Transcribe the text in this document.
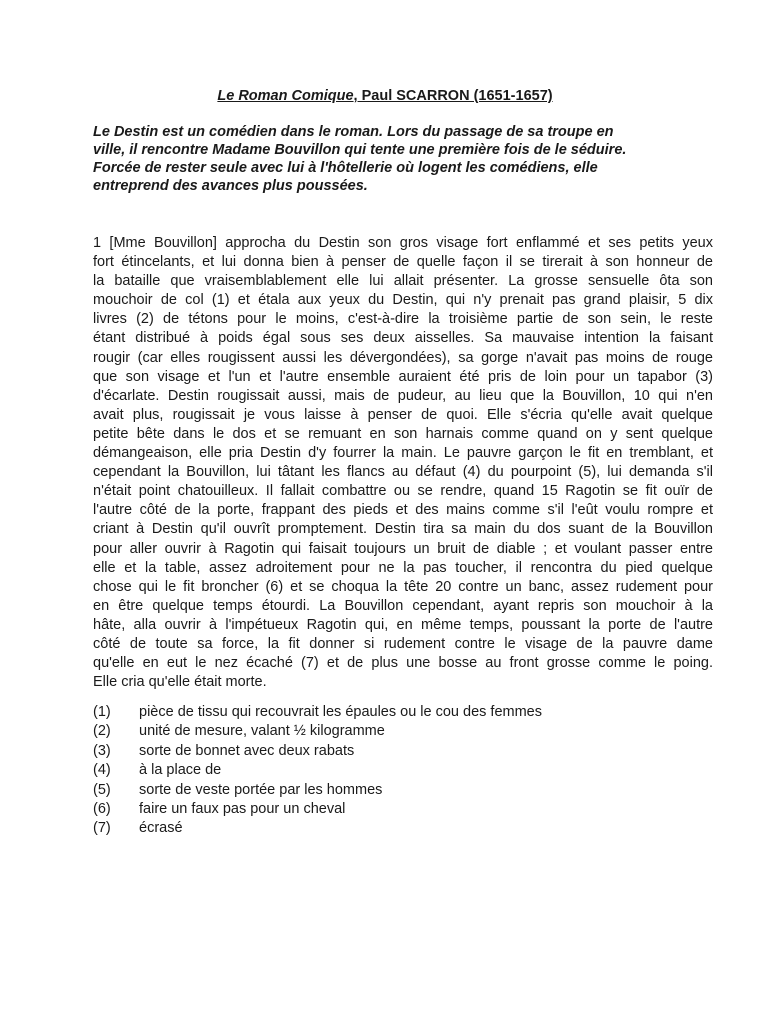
Le Roman Comique, Paul SCARRON (1651-1657)
Le Destin est un comédien dans le roman. Lors du passage de sa troupe en
ville, il rencontre Madame Bouvillon qui tente une première fois de le séduire.
Forcée de rester seule avec lui à l'hôtellerie où logent les comédiens, elle
entreprend des avances plus poussées.
1 [Mme Bouvillon] approcha du Destin son gros visage fort enflammé et ses petits yeux
fort étincelants, et lui donna bien à penser de quelle façon il se tirerait à son honneur de
la bataille que vraisemblablement elle lui allait présenter. La grosse sensuelle ôta son
mouchoir de col (1) et étala aux yeux du Destin, qui n'y prenait pas grand plaisir, 5 dix
livres (2) de tétons pour le moins, c'est-à-dire la troisième partie de son sein, le reste
étant distribué à poids égal sous ses deux aisselles. Sa mauvaise intention la faisant
rougir (car elles rougissent aussi les dévergondées), sa gorge n'avait pas moins de rouge
que son visage et l'un et l'autre ensemble auraient été pris de loin pour un tapabor (3)
d'écarlate. Destin rougissait aussi, mais de pudeur, au lieu que la Bouvillon, 10 qui n'en
avait plus, rougissait je vous laisse à penser de quoi. Elle s'écria qu'elle avait quelque
petite bête dans le dos et se remuant en son harnais comme quand on y sent quelque
démangeaison, elle pria Destin d'y fourrer la main. Le pauvre garçon le fit en tremblant, et
cependant la Bouvillon, lui tâtant les flancs au défaut (4) du pourpoint (5), lui demanda s'il
n'était point chatouilleux. Il fallait combattre ou se rendre, quand 15 Ragotin se fit ouïr de
l'autre côté de la porte, frappant des pieds et des mains comme s'il l'eût voulu rompre et
criant à Destin qu'il ouvrît promptement. Destin tira sa main du dos suant de la Bouvillon
pour aller ouvrir à Ragotin qui faisait toujours un bruit de diable ; et voulant passer entre
elle et la table, assez adroitement pour ne la pas toucher, il rencontra du pied quelque
chose qui le fit broncher (6) et se choqua la tête 20 contre un banc, assez rudement pour
en être quelque temps étourdi. La Bouvillon cependant, ayant repris son mouchoir à la
hâte, alla ouvrir à l'impétueux Ragotin qui, en même temps, poussant la porte de l'autre
côté de toute sa force, la fit donner si rudement contre le visage de la pauvre dame
qu'elle en eut le nez écaché (7) et de plus une bosse au front grosse comme le poing.
Elle cria qu'elle était morte.
(1)	pièce de tissu qui recouvrait les épaules ou le cou des femmes
(2)	unité de mesure, valant ½ kilogramme
(3)	sorte de bonnet avec deux rabats
(4)	à la place de
(5)	sorte de veste portée par les hommes
(6)	faire un faux pas pour un cheval
(7)	écrasé
